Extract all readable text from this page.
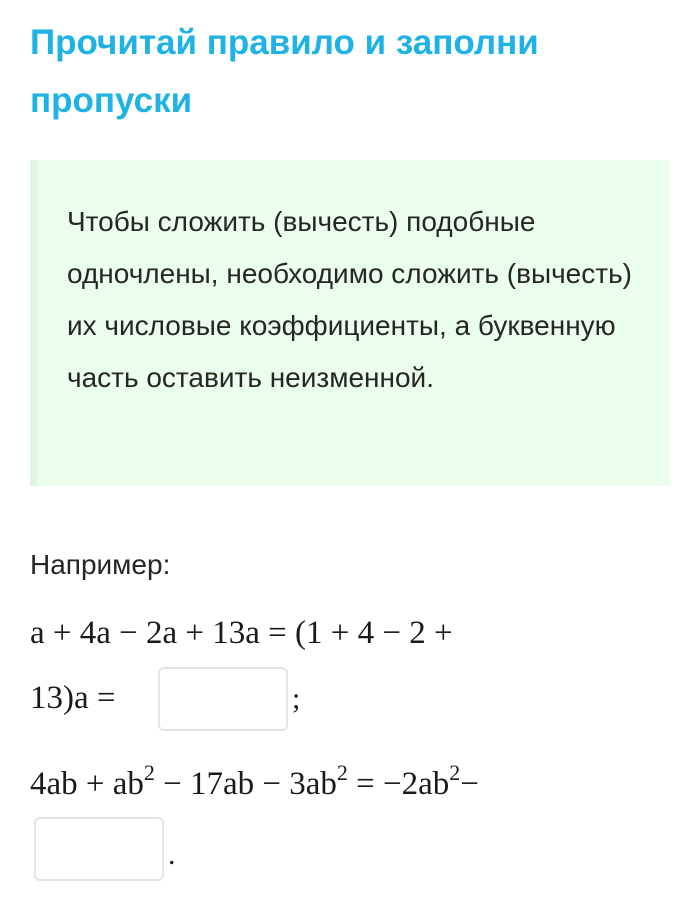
Прочитай правило и заполни пропуски

Чтобы сложить (вычесть) подобные одночлены, необходимо сложить (вычесть) их числовые коэффициенты, а буквенную часть оставить неизменной.

Например:
a + 4a − 2a + 13a = (1 + 4 − 2 +
13)a =	;
$4ab + ab^2 - 17ab - 3ab^2 = -2ab^2-$
.
